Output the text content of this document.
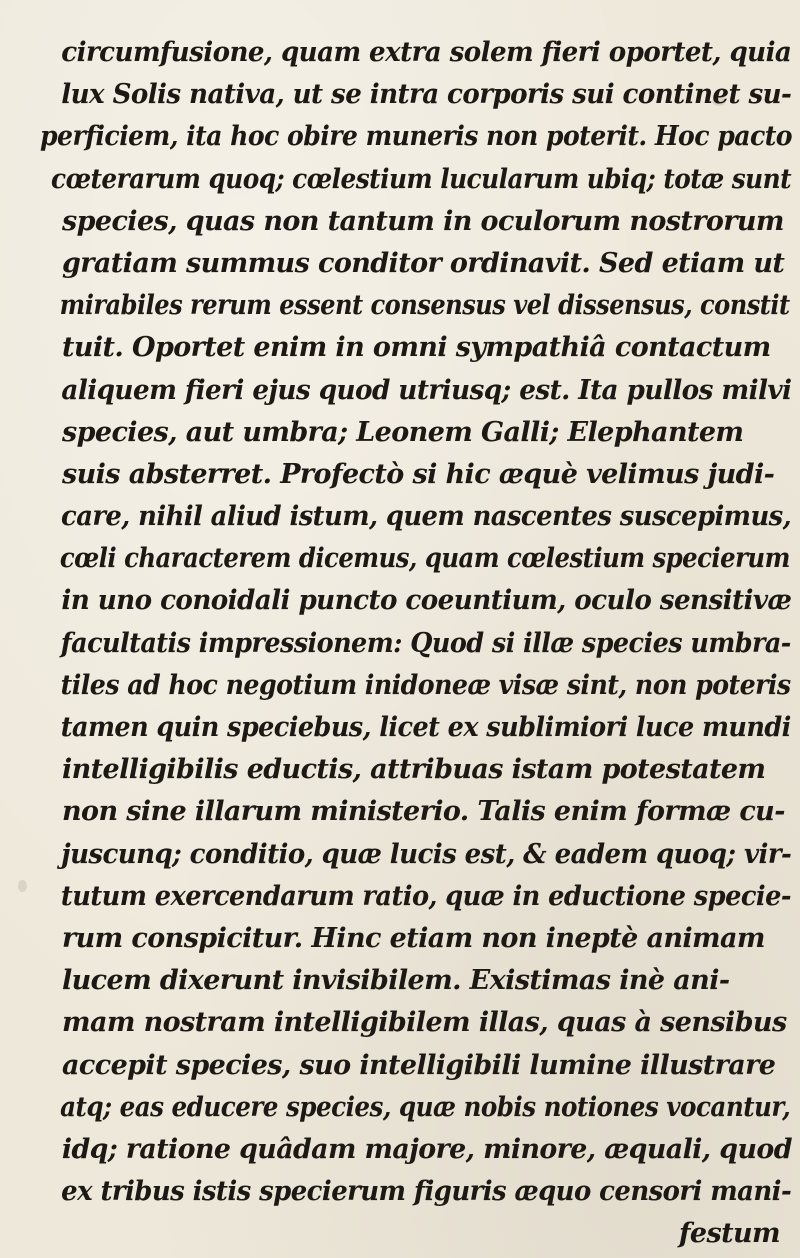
circumfusione, quam extra solem fieri oportet, quia
lux Solis nativa, ut se intra corporis sui continet su-
perficiem, ita hoc obire muneris non poterit. Hoc pacto
cœterarum quoq; cœlestium lucularum ubiq; totæ sunt
species, quas non tantum in oculorum nostrorum
gratiam summus conditor ordinavit. Sed etiam ut
mirabiles rerum essent consensus vel dissensus, constit
tuit. Oportet enim in omni sympathiâ contactum
aliquem fieri ejus quod utriusq; est. Ita pullos milvi
species, aut umbra; Leonem Galli; Elephantem
suis absterret. Profectò si hic æquè velimus judi-
care, nihil aliud istum, quem nascentes suscepimus,
cœli characterem dicemus, quam cœlestium specierum
in uno conoidali puncto coeuntium, oculo sensitivæ
facultatis impressionem: Quod si illæ species umbra-
tiles ad hoc negotium inidoneæ visæ sint, non poteris
tamen quin speciebus, licet ex sublimiori luce mundi
intelligibilis eductis, attribuas istam potestatem
non sine illarum ministerio. Talis enim formæ cu-
juscunq; conditio, quæ lucis est, & eadem quoq; vir-
tutum exercendarum ratio, quæ in eductione specie-
rum conspicitur. Hinc etiam non ineptè animam
lucem dixerunt invisibilem. Existimas inè ani-
mam nostram intelligibilem illas, quas à sensibus
accepit species, suo intelligibili lumine illustrare
atq; eas educere species, quæ nobis notiones vocantur,
idq; ratione quâdam majore, minore, æquali, quod
ex tribus istis specierum figuris æquo censori mani-
festum
